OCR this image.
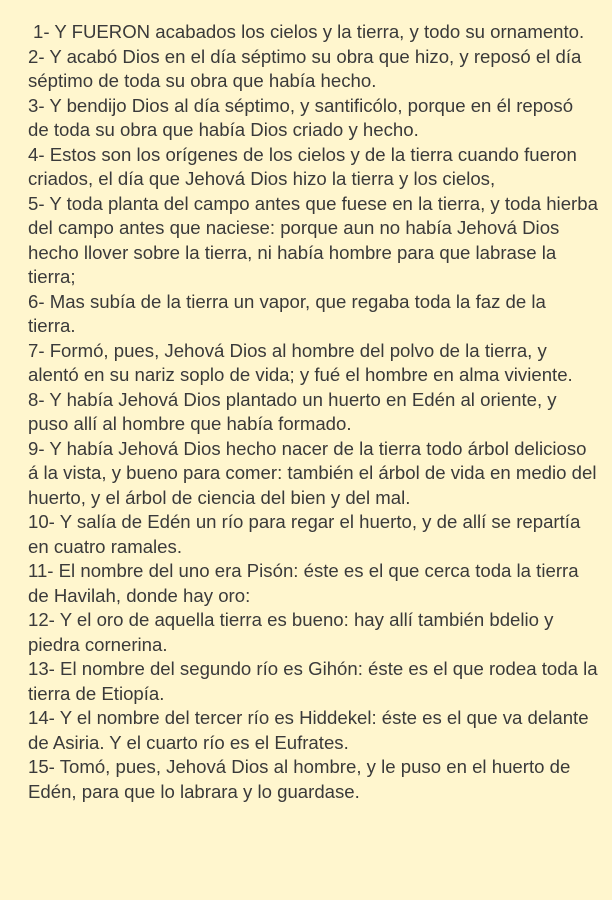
1- Y FUERON acabados los cielos y la tierra, y todo su ornamento.

2- Y acabó Dios en el día séptimo su obra que hizo, y reposó el día séptimo de toda su obra que había hecho.

3- Y bendijo Dios al día séptimo, y santificólo, porque en él reposó de toda su obra que había Dios criado y hecho.

4- Estos son los orígenes de los cielos y de la tierra cuando fueron criados, el día que Jehová Dios hizo la tierra y los cielos,

5- Y toda planta del campo antes que fuese en la tierra, y toda hierba del campo antes que naciese: porque aun no había Jehová Dios hecho llover sobre la tierra, ni había hombre para que labrase la tierra;

6- Mas subía de la tierra un vapor, que regaba toda la faz de la tierra.

7- Formó, pues, Jehová Dios al hombre del polvo de la tierra, y alentó en su nariz soplo de vida; y fué el hombre en alma viviente.

8- Y había Jehová Dios plantado un huerto en Edén al oriente, y puso allí al hombre que había formado.

9- Y había Jehová Dios hecho nacer de la tierra todo árbol delicioso á la vista, y bueno para comer: también el árbol de vida en medio del huerto, y el árbol de ciencia del bien y del mal.

10- Y salía de Edén un río para regar el huerto, y de allí se repartía en cuatro ramales.

11- El nombre del uno era Pisón: éste es el que cerca toda la tierra de Havilah, donde hay oro:

12- Y el oro de aquella tierra es bueno: hay allí también bdelio y piedra cornerina.

13- El nombre del segundo río es Gihón: éste es el que rodea toda la tierra de Etiopía.

14- Y el nombre del tercer río es Hiddekel: éste es el que va delante de Asiria. Y el cuarto río es el Eufrates.

15- Tomó, pues, Jehová Dios al hombre, y le puso en el huerto de Edén, para que lo labrara y lo guardase.
